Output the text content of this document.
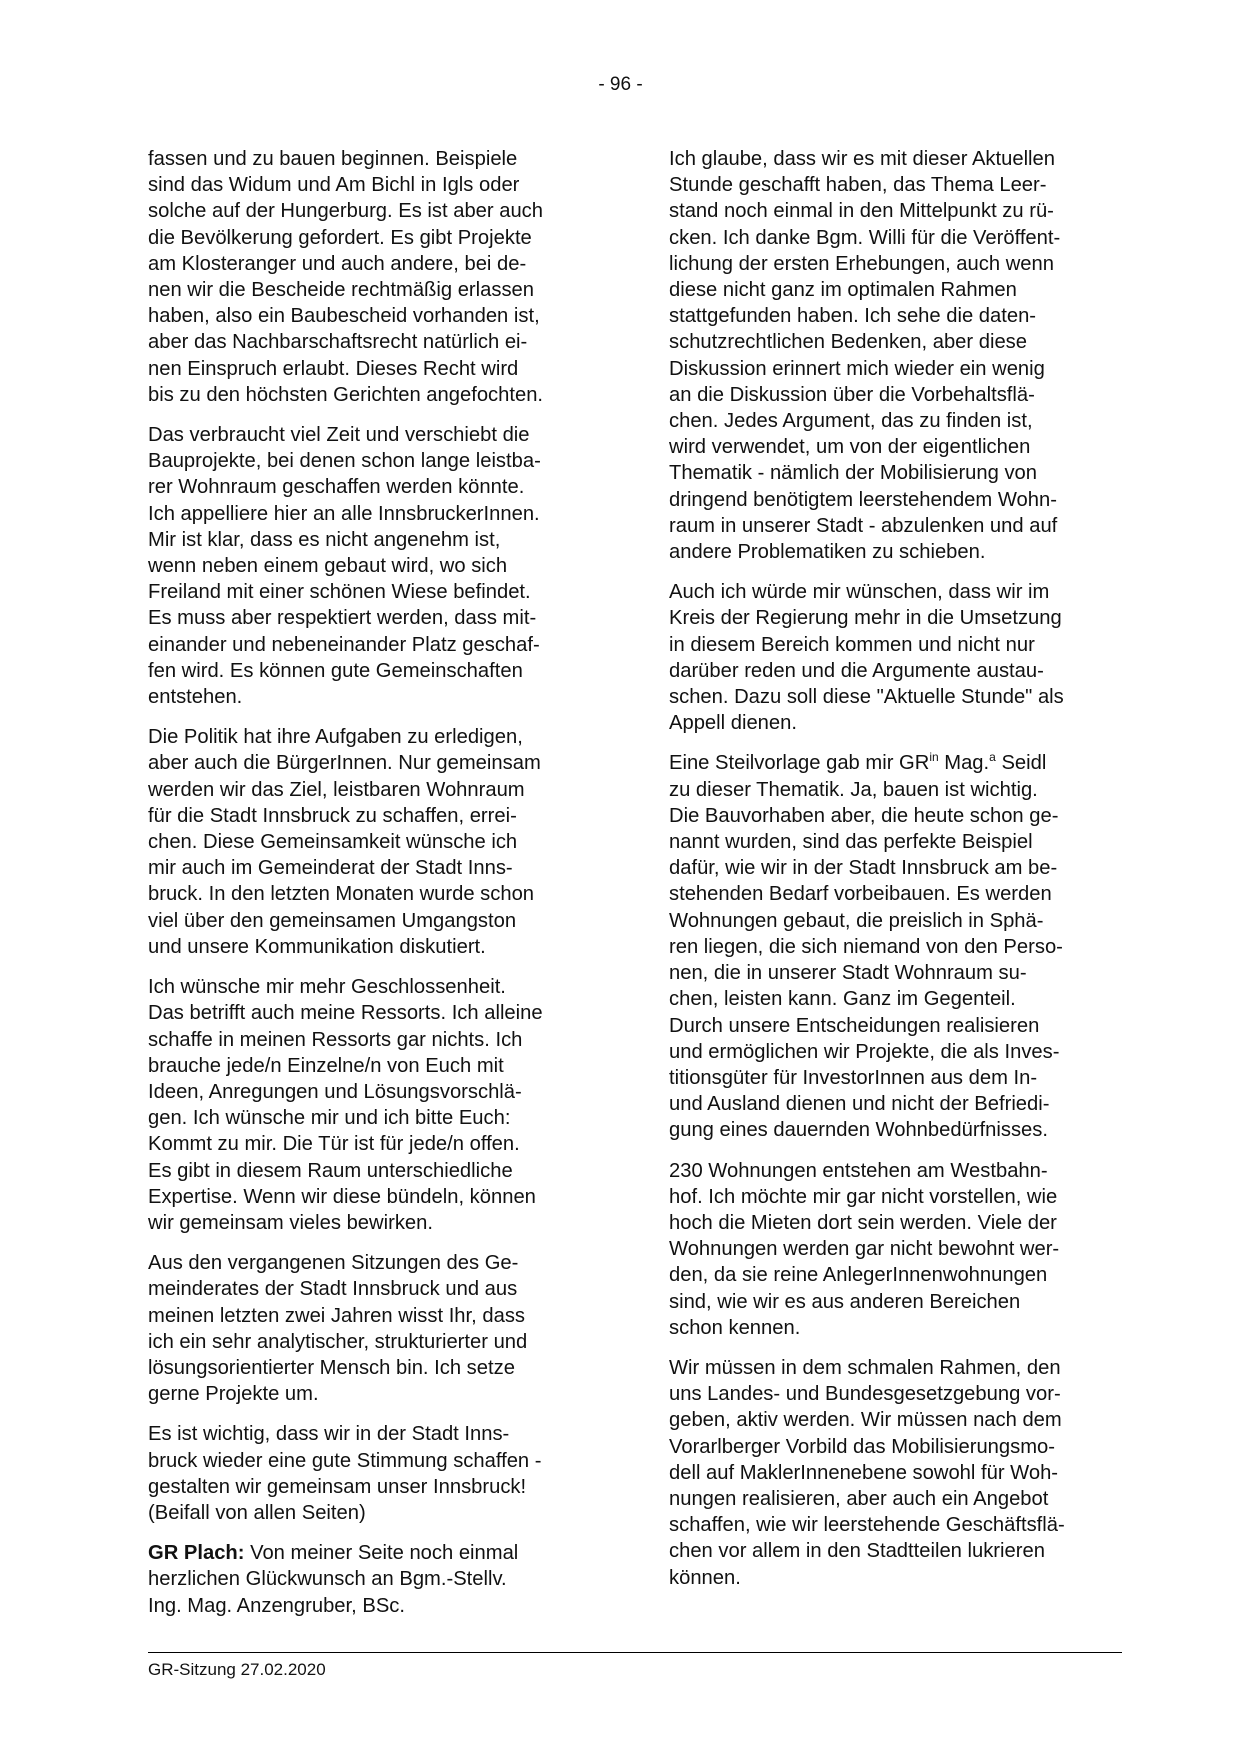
- 96 -

fassen und zu bauen beginnen. Beispiele
sind das Widum und Am Bichl in Igls oder
solche auf der Hungerburg. Es ist aber auch
die Bevölkerung gefordert. Es gibt Projekte
am Klosteranger und auch andere, bei de-
nen wir die Bescheide rechtmäßig erlassen
haben, also ein Baubescheid vorhanden ist,
aber das Nachbarschaftsrecht natürlich ei-
nen Einspruch erlaubt. Dieses Recht wird
bis zu den höchsten Gerichten angefochten.

Das verbraucht viel Zeit und verschiebt die
Bauprojekte, bei denen schon lange leistba-
rer Wohnraum geschaffen werden könnte.
Ich appelliere hier an alle InnsbruckerInnen.
Mir ist klar, dass es nicht angenehm ist,
wenn neben einem gebaut wird, wo sich
Freiland mit einer schönen Wiese befindet.
Es muss aber respektiert werden, dass mit-
einander und nebeneinander Platz geschaf-
fen wird. Es können gute Gemeinschaften
entstehen.

Die Politik hat ihre Aufgaben zu erledigen,
aber auch die BürgerInnen. Nur gemeinsam
werden wir das Ziel, leistbaren Wohnraum
für die Stadt Innsbruck zu schaffen, errei-
chen. Diese Gemeinsamkeit wünsche ich
mir auch im Gemeinderat der Stadt Inns-
bruck. In den letzten Monaten wurde schon
viel über den gemeinsamen Umgangston
und unsere Kommunikation diskutiert.

Ich wünsche mir mehr Geschlossenheit.
Das betrifft auch meine Ressorts. Ich alleine
schaffe in meinen Ressorts gar nichts. Ich
brauche jede/n Einzelne/n von Euch mit
Ideen, Anregungen und Lösungsvorschlä-
gen. Ich wünsche mir und ich bitte Euch:
Kommt zu mir. Die Tür ist für jede/n offen.
Es gibt in diesem Raum unterschiedliche
Expertise. Wenn wir diese bündeln, können
wir gemeinsam vieles bewirken.

Aus den vergangenen Sitzungen des Ge-
meinderates der Stadt Innsbruck und aus
meinen letzten zwei Jahren wisst Ihr, dass
ich ein sehr analytischer, strukturierter und
lösungsorientierter Mensch bin. Ich setze
gerne Projekte um.

Es ist wichtig, dass wir in der Stadt Inns-
bruck wieder eine gute Stimmung schaffen -
gestalten wir gemeinsam unser Innsbruck!
(Beifall von allen Seiten)

GR Plach: Von meiner Seite noch einmal
herzlichen Glückwunsch an Bgm.-Stellv.
Ing. Mag. Anzengruber, BSc.

Ich glaube, dass wir es mit dieser Aktuellen
Stunde geschafft haben, das Thema Leer-
stand noch einmal in den Mittelpunkt zu rü-
cken. Ich danke Bgm. Willi für die Veröffent-
lichung der ersten Erhebungen, auch wenn
diese nicht ganz im optimalen Rahmen
stattgefunden haben. Ich sehe die daten-
schutzrechtlichen Bedenken, aber diese
Diskussion erinnert mich wieder ein wenig
an die Diskussion über die Vorbehaltsflä-
chen. Jedes Argument, das zu finden ist,
wird verwendet, um von der eigentlichen
Thematik - nämlich der Mobilisierung von
dringend benötigtem leerstehendem Wohn-
raum in unserer Stadt - abzulenken und auf
andere Problematiken zu schieben.

Auch ich würde mir wünschen, dass wir im
Kreis der Regierung mehr in die Umsetzung
in diesem Bereich kommen und nicht nur
darüber reden und die Argumente austau-
schen. Dazu soll diese "Aktuelle Stunde" als
Appell dienen.

Eine Steilvorlage gab mir $GR^{in}$ Mag.$^a$ Seidl
zu dieser Thematik. Ja, bauen ist wichtig.
Die Bauvorhaben aber, die heute schon ge-
nannt wurden, sind das perfekte Beispiel
dafür, wie wir in der Stadt Innsbruck am be-
stehenden Bedarf vorbeibauen. Es werden
Wohnungen gebaut, die preislich in Sphä-
ren liegen, die sich niemand von den Perso-
nen, die in unserer Stadt Wohnraum su-
chen, leisten kann. Ganz im Gegenteil.
Durch unsere Entscheidungen realisieren
und ermöglichen wir Projekte, die als Inves-
titionsgüter für InvestorInnen aus dem In-
und Ausland dienen und nicht der Befriedi-
gung eines dauernden Wohnbedürfnisses.

230 Wohnungen entstehen am Westbahn-
hof. Ich möchte mir gar nicht vorstellen, wie
hoch die Mieten dort sein werden. Viele der
Wohnungen werden gar nicht bewohnt wer-
den, da sie reine AnlegerInnenwohnungen
sind, wie wir es aus anderen Bereichen
schon kennen.

Wir müssen in dem schmalen Rahmen, den
uns Landes- und Bundesgesetzgebung vor-
geben, aktiv werden. Wir müssen nach dem
Vorarlberger Vorbild das Mobilisierungsmo-
dell auf MaklerInnenebene sowohl für Woh-
nungen realisieren, aber auch ein Angebot
schaffen, wie wir leerstehende Geschäftsflä-
chen vor allem in den Stadtteilen lukrieren
können.

GR-Sitzung 27.02.2020
